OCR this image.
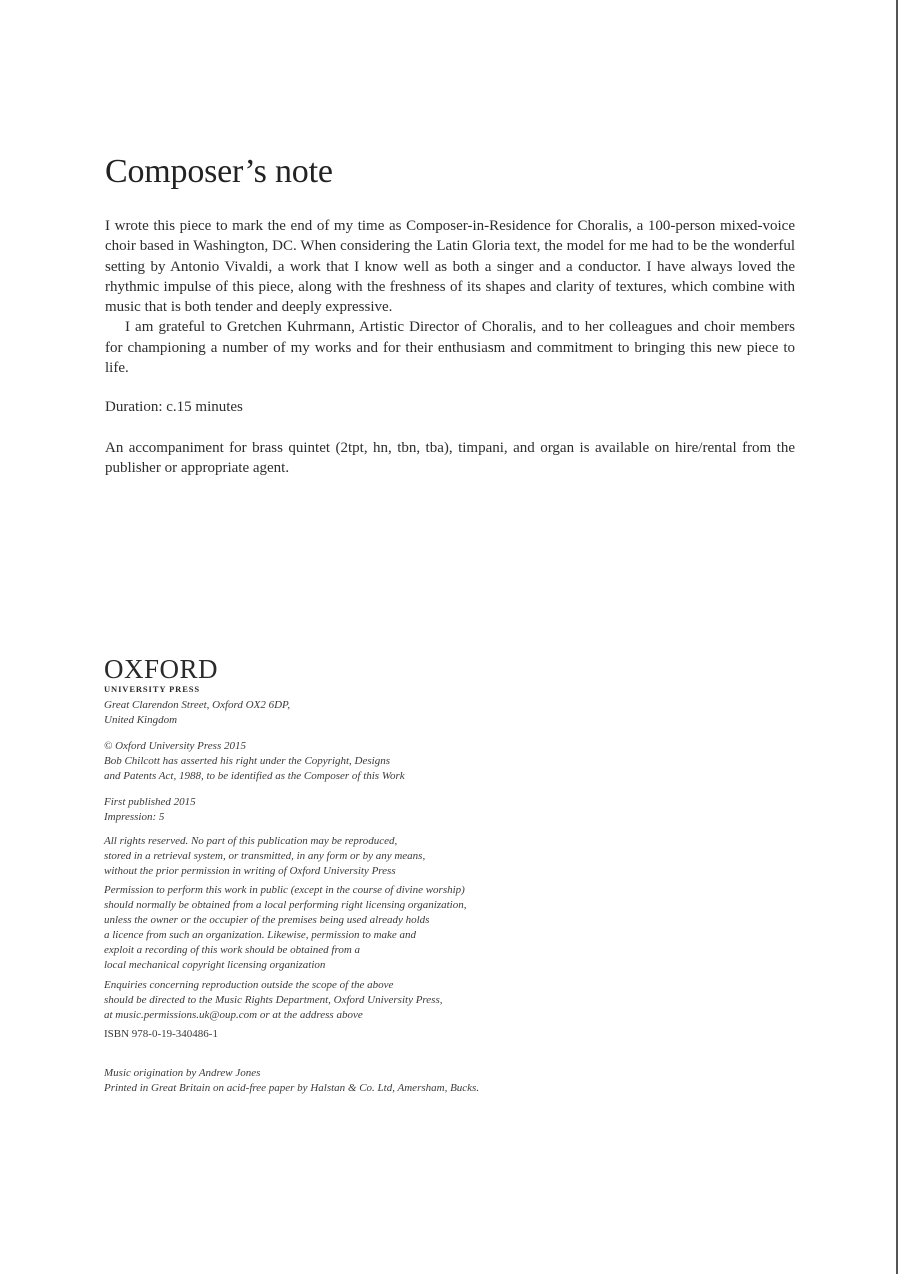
Composer’s note

I wrote this piece to mark the end of my time as Composer-in-Residence for Choralis, a 100-person mixed-voice choir based in Washington, DC. When considering the Latin Gloria text, the model for me had to be the wonderful setting by Antonio Vivaldi, a work that I know well as both a singer and a conductor. I have always loved the rhythmic impulse of this piece, along with the freshness of its shapes and clarity of textures, which combine with music that is both tender and deeply expressive.

I am grateful to Gretchen Kuhrmann, Artistic Director of Choralis, and to her colleagues and choir members for championing a number of my works and for their enthusiasm and commitment to bringing this new piece to life.

Duration: c.15 minutes

An accompaniment for brass quintet (2tpt, hn, tbn, tba), timpani, and organ is available on hire/rental from the publisher or appropriate agent.

OXFORD
UNIVERSITY PRESS
Great Clarendon Street, Oxford OX2 6DP,
United Kingdom
© Oxford University Press 2015
Bob Chilcott has asserted his right under the Copyright, Designs
and Patents Act, 1988, to be identified as the Composer of this Work
First published 2015
Impression: 5
All rights reserved. No part of this publication may be reproduced,
stored in a retrieval system, or transmitted, in any form or by any means,
without the prior permission in writing of Oxford University Press
Permission to perform this work in public (except in the course of divine worship)
should normally be obtained from a local performing right licensing organization,
unless the owner or the occupier of the premises being used already holds
a licence from such an organization. Likewise, permission to make and
exploit a recording of this work should be obtained from a
local mechanical copyright licensing organization
Enquiries concerning reproduction outside the scope of the above
should be directed to the Music Rights Department, Oxford University Press,
at music.permissions.uk@oup.com or at the address above
ISBN 978-0-19-340486-1
Music origination by Andrew Jones
Printed in Great Britain on acid-free paper by Halstan & Co. Ltd, Amersham, Bucks.
